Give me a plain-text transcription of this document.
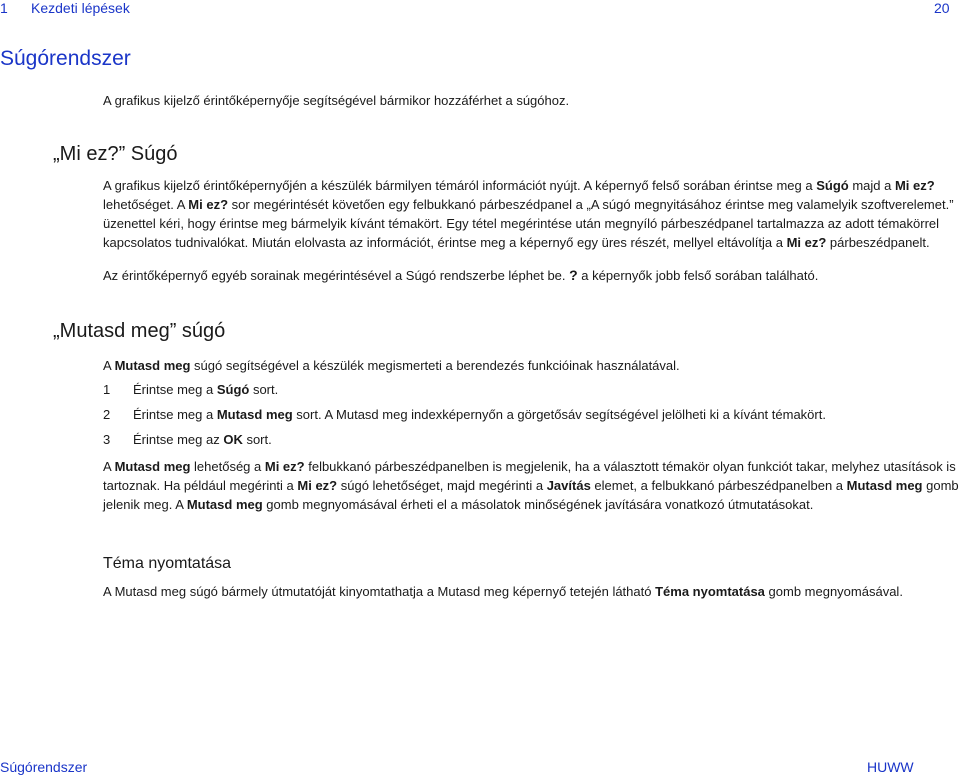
1 Kezdeti lépések	20
Súgórendszer

A grafikus kijelző érintőképernyője segítségével bármikor hozzáférhet a súgóhoz.

„Mi ez?” Súgó

A grafikus kijelző érintőképernyőjén a készülék bármilyen témáról információt nyújt. A képernyő felső sorában érintse meg a Súgó majd a Mi ez? lehetőséget. A Mi ez? sor megérintését követően egy felbukkanó párbeszédpanel a „A súgó megnyitásához érintse meg valamelyik szoftverelemet.” üzenettel kéri, hogy érintse meg bármelyik kívánt témakört. Egy tétel megérintése után megnyíló párbeszédpanel tartalmazza az adott témakörrel kapcsolatos tudnivalókat. Miután elolvasta az információt, érintse meg a képernyő egy üres részét, mellyel eltávolítja a Mi ez? párbeszédpanelt.

Az érintőképernyő egyéb sorainak megérintésével a Súgó rendszerbe léphet be. ? a képernyők jobb felső sorában található.

„Mutasd meg” súgó

A Mutasd meg súgó segítségével a készülék megismerteti a berendezés funkcióinak használatával.

1 Érintse meg a Súgó sort.
2 Érintse meg a Mutasd meg sort. A Mutasd meg indexképernyőn a görgetősáv segítségével jelölheti ki a kívánt témakört.
3 Érintse meg az OK sort.

A Mutasd meg lehetőség a Mi ez? felbukkanó párbeszédpanelben is megjelenik, ha a választott témakör olyan funkciót takar, melyhez utasítások is tartoznak. Ha például megérinti a Mi ez? súgó lehetőséget, majd megérinti a Javítás elemet, a felbukkanó párbeszédpanelben a Mutasd meg gomb jelenik meg. A Mutasd meg gomb megnyomásával érheti el a másolatok minőségének javítására vonatkozó útmutatásokat.

Téma nyomtatása

A Mutasd meg súgó bármely útmutatóját kinyomtathatja a Mutasd meg képernyő tetején látható Téma nyomtatása gomb megnyomásával.

Súgórendszer	HUWW
